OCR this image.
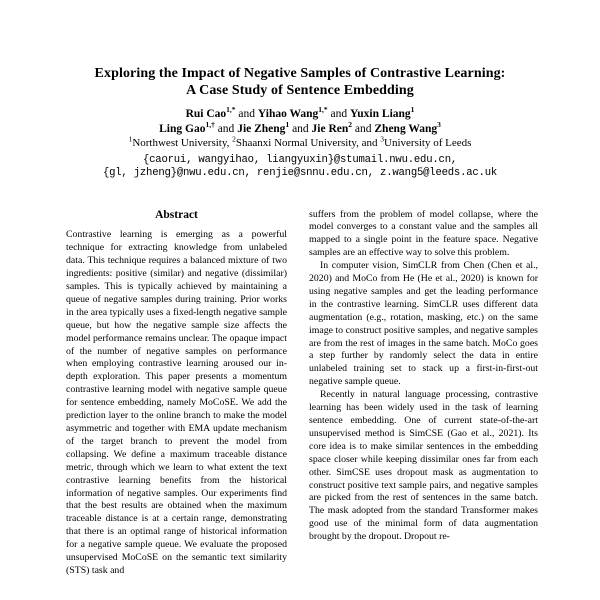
Exploring the Impact of Negative Samples of Contrastive Learning:
A Case Study of Sentence Embedding
Rui Cao$^{1,*}$ and Yihao Wang$^{1,*}$ and Yuxin Liang$^1$
Ling Gao$^{1,\dagger}$ and Jie Zheng$^1$ and Jie Ren$^2$ and Zheng Wang$^3$
$^1$Northwest University, $^2$Shaanxi Normal University, and $^3$University of Leeds
{caorui, wangyihao, liangyuxin}@stumail.nwu.edu.cn,
{gl, jzheng}@nwu.edu.cn, renjie@snnu.edu.cn, z.wang5@leeds.ac.uk
Abstract

Contrastive learning is emerging as a powerful technique for extracting knowledge from unlabeled data. This technique requires a balanced mixture of two ingredients: positive (similar) and negative (dissimilar) samples. This is typically achieved by maintaining a queue of negative samples during training. Prior works in the area typically uses a fixed-length negative sample queue, but how the negative sample size affects the model performance remains unclear. The opaque impact of the number of negative samples on performance when employing contrastive learning aroused our in-depth exploration. This paper presents a momentum contrastive learning model with negative sample queue for sentence embedding, namely MoCoSE. We add the prediction layer to the online branch to make the model asymmetric and together with EMA update mechanism of the target branch to prevent the model from collapsing. We define a maximum traceable distance metric, through which we learn to what extent the text contrastive learning benefits from the historical information of negative samples. Our experiments find that the best results are obtained when the maximum traceable distance is at a certain range, demonstrating that there is an optimal range of historical information for a negative sample queue. We evaluate the proposed unsupervised MoCoSE on the semantic text similarity (STS) task and

suffers from the problem of model collapse, where the model converges to a constant value and the samples all mapped to a single point in the feature space. Negative samples are an effective way to solve this problem.

In computer vision, SimCLR from Chen (Chen et al., 2020) and MoCo from He (He et al., 2020) is known for using negative samples and get the leading performance in the contrastive learning. SimCLR uses different data augmentation (e.g., rotation, masking, etc.) on the same image to construct positive samples, and negative samples are from the rest of images in the same batch. MoCo goes a step further by randomly select the data in entire unlabeled training set to stack up a first-in-first-out negative sample queue.

Recently in natural language processing, contrastive learning has been widely used in the task of learning sentence embedding. One of current state-of-the-art unsupervised method is SimCSE (Gao et al., 2021). Its core idea is to make similar sentences in the embedding space closer while keeping dissimilar ones far from each other. SimCSE uses dropout mask as augmentation to construct positive text sample pairs, and negative samples are picked from the rest of sentences in the same batch. The mask adopted from the standard Transformer makes good use of the minimal form of data augmentation brought by the dropout. Dropout re-
